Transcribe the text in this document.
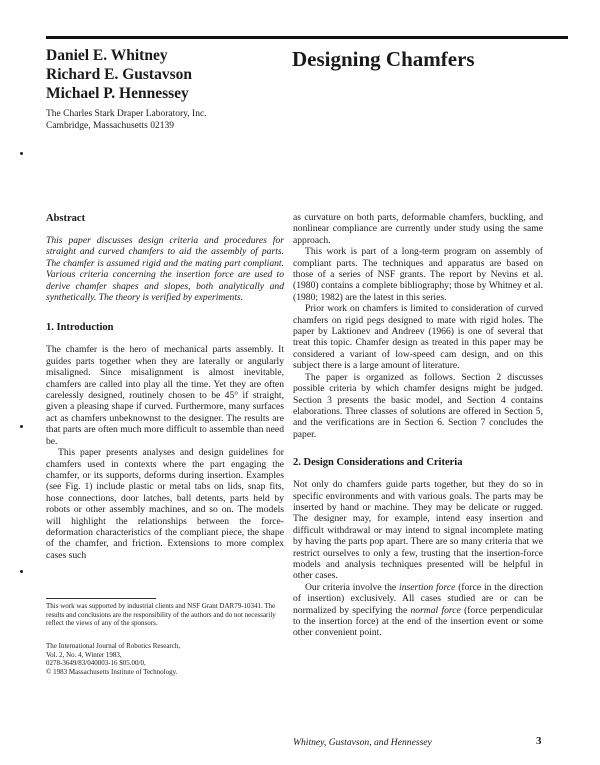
Daniel E. Whitney
Richard E. Gustavson
Michael P. Hennessey
The Charles Stark Draper Laboratory, Inc.
Cambridge, Massachusetts 02139
Designing Chamfers
Abstract

This paper discusses design criteria and procedures for straight and curved chamfers to aid the assembly of parts. The chamfer is assumed rigid and the mating part compliant. Various criteria concerning the insertion force are used to derive chamfer shapes and slopes, both analytically and synthetically. The theory is verified by experiments.

1. Introduction

The chamfer is the hero of mechanical parts assembly. It guides parts together when they are laterally or angularly misaligned. Since misalignment is almost inevitable, chamfers are called into play all the time. Yet they are often carelessly designed, routinely chosen to be 45° if straight, given a pleasing shape if curved. Furthermore, many surfaces act as chamfers unbeknownst to the designer. The results are that parts are often much more difficult to assemble than need be.

This paper presents analyses and design guidelines for chamfers used in contexts where the part engaging the chamfer, or its supports, deforms during insertion. Examples (see Fig. 1) include plastic or metal tabs on lids, snap fits, hose connections, door latches, ball detents, parts held by robots or other assembly machines, and so on. The models will highlight the relationships between the force-deformation characteristics of the compliant piece, the shape of the chamfer, and friction. Extensions to more complex cases such

This work was supported by industrial clients and NSF Grant DAR79-10341. The results and conclusions are the responsibility of the authors and do not necessarily reflect the views of any of the sponsors.
The International Journal of Robotics Research,
Vol. 2, No. 4, Winter 1983,
0278-3649/83/040003-16 $05.00/0,
© 1983 Massachusetts Institute of Technology.

as curvature on both parts, deformable chamfers, buckling, and nonlinear compliance are currently under study using the same approach.

This work is part of a long-term program on assembly of compliant parts. The techniques and apparatus are based on those of a series of NSF grants. The report by Nevins et al. (1980) contains a complete bibliography; those by Whitney et al. (1980; 1982) are the latest in this series.

Prior work on chamfers is limited to consideration of curved chamfers on rigid pegs designed to mate with rigid holes. The paper by Laktionev and Andreev (1966) is one of several that treat this topic. Chamfer design as treated in this paper may be considered a variant of low-speed cam design, and on this subject there is a large amount of literature.

The paper is organized as follows. Section 2 discusses possible criteria by which chamfer designs might be judged. Section 3 presents the basic model, and Section 4 contains elaborations. Three classes of solutions are offered in Section 5, and the verifications are in Section 6. Section 7 concludes the paper.

2. Design Considerations and Criteria

Not only do chamfers guide parts together, but they do so in specific environments and with various goals. The parts may be inserted by hand or machine. They may be delicate or rugged. The designer may, for example, intend easy insertion and difficult withdrawal or may intend to signal incomplete mating by having the parts pop apart. There are so many criteria that we restrict ourselves to only a few, trusting that the insertion-force models and analysis techniques presented will be helpful in other cases.

Our criteria involve the insertion force (force in the direction of insertion) exclusively. All cases studied are or can be normalized by specifying the normal force (force perpendicular to the insertion force) at the end of the insertion event or some other convenient point.

Whitney, Gustavson, and Hennessey	3
